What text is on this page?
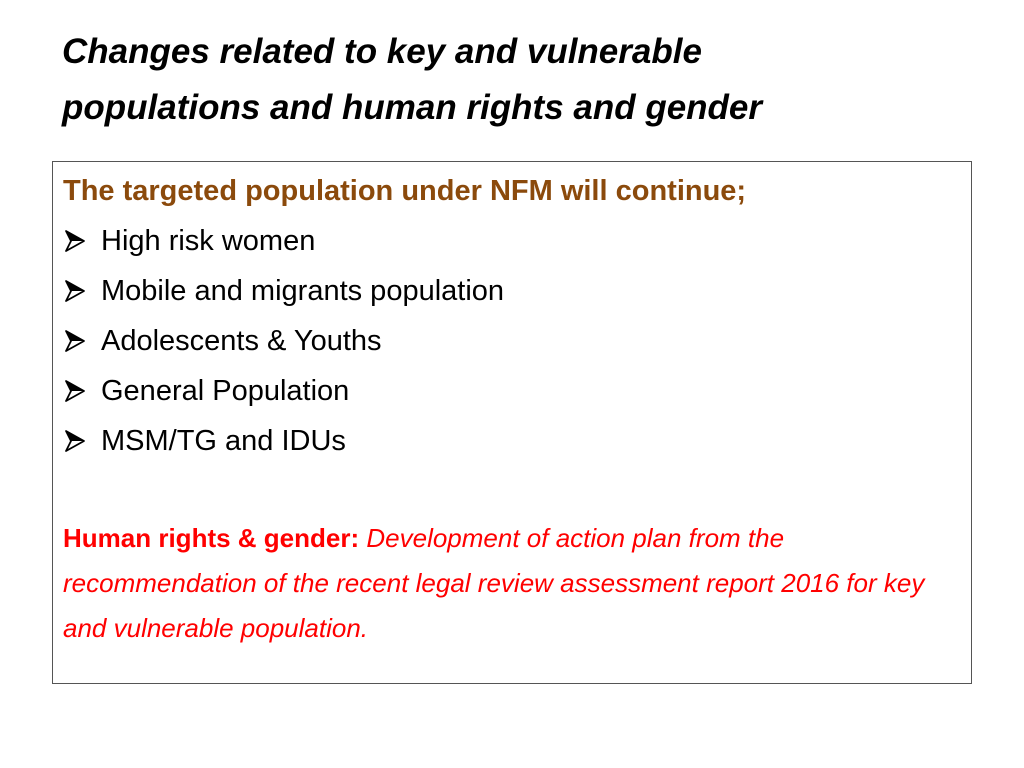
Changes related to key and vulnerable
populations and human rights and gender

The targeted population under NFM will continue;

High risk women
Mobile and migrants population
Adolescents & Youths
General Population
MSM/TG and IDUs

Human rights & gender: Development of action plan from the recommendation of the recent legal review assessment report 2016 for key and vulnerable population.
